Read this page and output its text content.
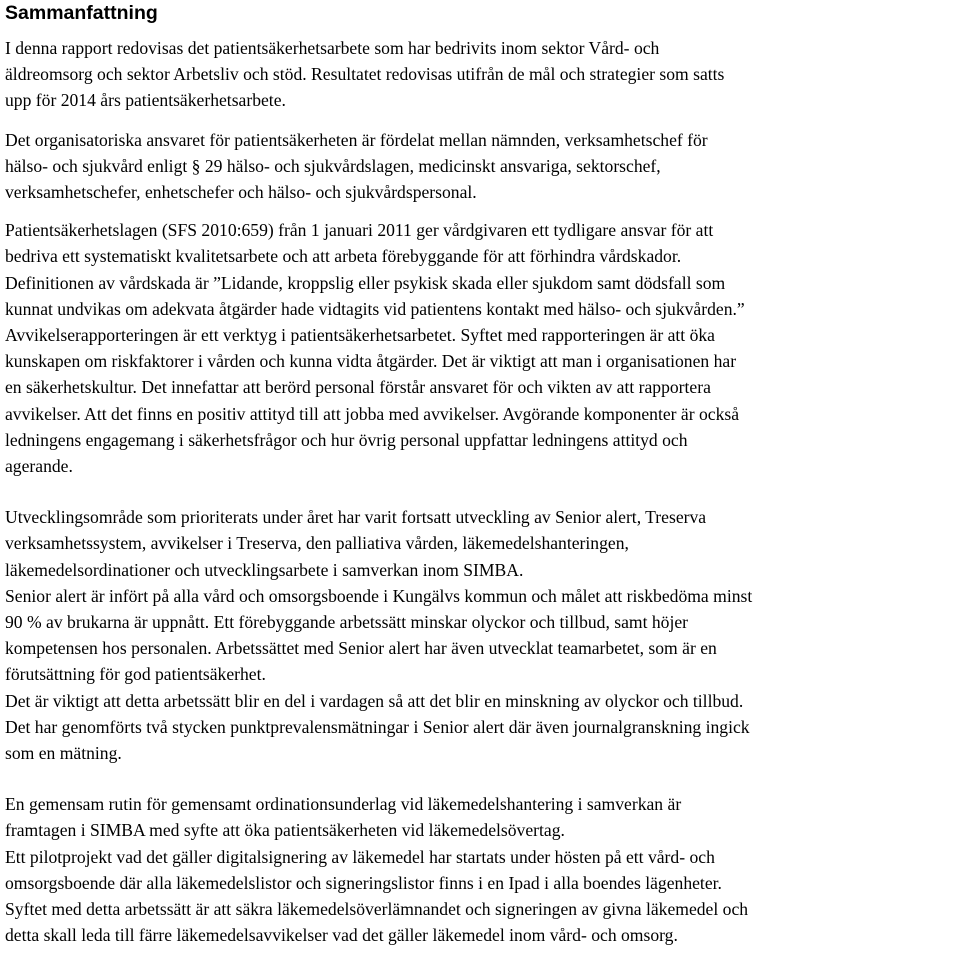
Sammanfattning

I denna rapport redovisas det patientsäkerhetsarbete som har bedrivits inom sektor Vård- och
äldreomsorg och sektor Arbetsliv och stöd. Resultatet redovisas utifrån de mål och strategier som satts
upp för 2014 års patientsäkerhetsarbete.

Det organisatoriska ansvaret för patientsäkerheten är fördelat mellan nämnden, verksamhetschef för
hälso- och sjukvård enligt § 29 hälso- och sjukvårdslagen, medicinskt ansvariga, sektorschef,
verksamhetschefer, enhetschefer och hälso- och sjukvårdspersonal.

Patientsäkerhetslagen (SFS 2010:659) från 1 januari 2011 ger vårdgivaren ett tydligare ansvar för att
bedriva ett systematiskt kvalitetsarbete och att arbeta förebyggande för att förhindra vårdskador.
Definitionen av vårdskada är ”Lidande, kroppslig eller psykisk skada eller sjukdom samt dödsfall som
kunnat undvikas om adekvata åtgärder hade vidtagits vid patientens kontakt med hälso- och sjukvården.”
Avvikelserapporteringen är ett verktyg i patientsäkerhetsarbetet. Syftet med rapporteringen är att öka
kunskapen om riskfaktorer i vården och kunna vidta åtgärder. Det är viktigt att man i organisationen har
en säkerhetskultur. Det innefattar att berörd personal förstår ansvaret för och vikten av att rapportera
avvikelser. Att det finns en positiv attityd till att jobba med avvikelser. Avgörande komponenter är också
ledningens engagemang i säkerhetsfrågor och hur övrig personal uppfattar ledningens attityd och
agerande.

Utvecklingsområde som prioriterats under året har varit fortsatt utveckling av Senior alert, Treserva
verksamhetssystem, avvikelser i Treserva, den palliativa vården, läkemedelshanteringen,
läkemedelsordinationer och utvecklingsarbete i samverkan inom SIMBA.
Senior alert är infört på alla vård och omsorgsboende i Kungälvs kommun och målet att riskbedöma minst
90 % av brukarna är uppnått. Ett förebyggande arbetssätt minskar olyckor och tillbud, samt höjer
kompetensen hos personalen. Arbetssättet med Senior alert har även utvecklat teamarbetet, som är en
förutsättning för god patientsäkerhet.
Det är viktigt att detta arbetssätt blir en del i vardagen så att det blir en minskning av olyckor och tillbud.
Det har genomförts två stycken punktprevalensmätningar i Senior alert där även journalgranskning ingick
som en mätning.

En gemensam rutin för gemensamt ordinationsunderlag vid läkemedelshantering i samverkan är
framtagen i SIMBA med syfte att öka patientsäkerheten vid läkemedelsövertag.
Ett pilotprojekt vad det gäller digitalsignering av läkemedel har startats under hösten på ett vård- och
omsorgsboende där alla läkemedelslistor och signeringslistor finns i en Ipad i alla boendes lägenheter.
Syftet med detta arbetssätt är att säkra läkemedelsöverlämnandet och signeringen av givna läkemedel och
detta skall leda till färre läkemedelsavvikelser vad det gäller läkemedel inom vård- och omsorg.
